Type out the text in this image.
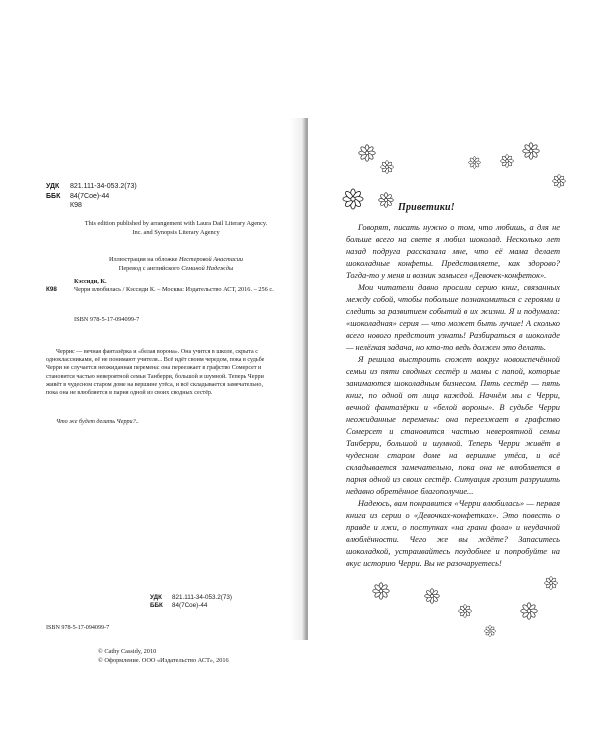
УДК	821.111-34-053.2(73)
ББК	84(7Сое)-44
К98
This edition published by arrangement with Laura Dail Literary Agency. Inc. and Synopsis Literary Agency
Иллюстрация на обложке Нестеровой Анастасии
Перевод с английского Семиной Надежды
Кэссиди, К.
К98	Черри влюбилась / Кэссиди К. – Москва: Издательство АСТ, 2016. – 256 с.
ISBN 978-5-17-094099-7
Черрис — вечная фантазёрка и «белая ворона». Она учится в школе, скрыта с одноклассниками, её не понимают учителя... Всё идёт своим чередом, пока в судьбе Черри не случается неожиданная перемена: она переезжает в графство Сомерсет и становится частью невероятной семьи Танберри, большой и шумной. Теперь Черри живёт в чудесном старом доме на вершине утёса, и всё складывается замечательно, пока она не влюбляется в парня одной из своих сводных сестёр.
Что же будет делать Черри?..
УДК	821.111-34-053.2(73)
ББК	84(7Сое)-44
ISBN 978-5-17-094099-7
© Cathy Cassidy, 2010
© Оформление. ООО «Издательство АСТ», 2016
Приветики!

Говорят, писать нужно о том, что любишь, а для не больше всего на свете я любил шоколад. Несколько лет назад подруга рассказала мне, что её мама делает шоколадные конфеты. Представляете, как здорово? Тогда-то у меня и возник замысел «Девочек-конфеток».

Мои читатели давно просили серию книг, связанных между собой, чтобы побольше познакомиться с героями и следить за развитием событий в их жизни. Я и подумала: «шоколадная» серия — что может быть лучше! А сколько всего нового предстоит узнать! Разбираться в шоколаде — нелёгкая задача, но кто-то ведь должен это делать.

Я решила выстроить сюжет вокруг новоиспечённой семьи из пяти сводных сестёр и мамы с папой, которые занимаются шоколадным бизнесом. Пять сестёр — пять книг, по одной от лица каждой. Начнём мы с Черри, вечной фантазёрки и «белой вороны». В судьбе Черри неожиданные перемены: она переезжает в графство Сомерсет и становится частью невероятной семьи Танберри, большой и шумной. Теперь Черри живёт в чудесном старом доме на вершине утёса, и всё складывается замечательно, пока она не влюбляется в парня одной из своих сестёр. Ситуация грозит разрушить недавно обретённое благополучие...

Надеюсь, вам понравится «Черри влюбилась» — первая книга из серии о «Девочках-конфетках». Это повесть о правде и лжи, о поступках «на грани фола» и неудачной влюблённости. Чего же вы ждёте? Запаситесь шоколадкой, устраивайтесь поудобнее и попробуйте на вкус историю Черри. Вы не разочаруетесь!
